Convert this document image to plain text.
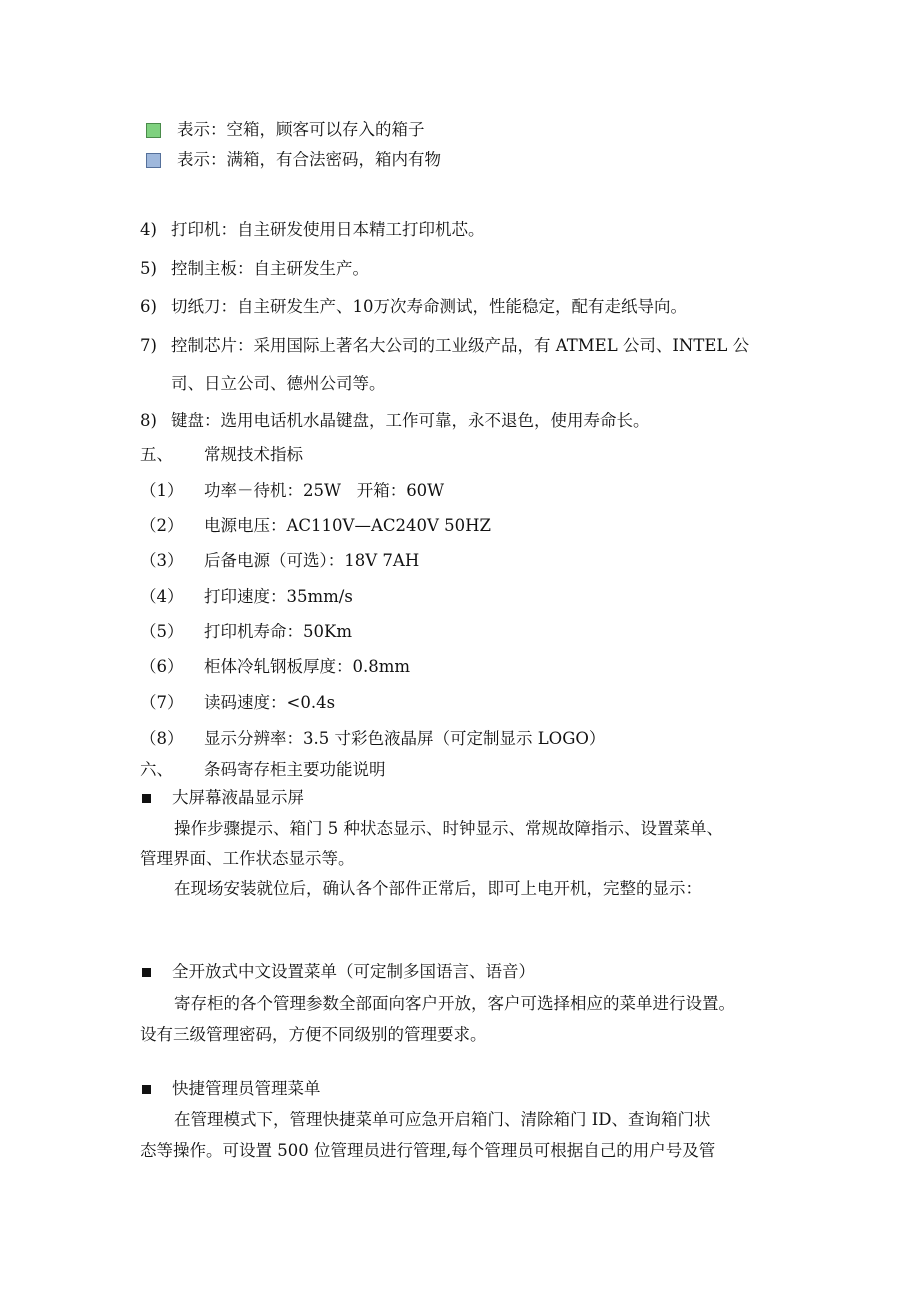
表示：空箱，顾客可以存入的箱子
表示：满箱，有合法密码，箱内有物
4) 打印机：自主研发使用日本精工打印机芯。
5) 控制主板：自主研发生产。
6) 切纸刀：自主研发生产、10万次寿命测试，性能稳定，配有走纸导向。
7) 控制芯片：采用国际上著名大公司的工业级产品，有 ATMEL 公司、INTEL 公
司、日立公司、德州公司等。
8) 键盘：选用电话机水晶键盘，工作可靠，永不退色，使用寿命长。
五、 常规技术指标
（1） 功率－待机：25W   开箱：60W
（2） 电源电压：AC110V—AC240V 50HZ
（3） 后备电源（可选）：18V 7AH
（4） 打印速度：35mm/s
（5） 打印机寿命：50Km
（6） 柜体冷轧钢板厚度：0.8mm
（7） 读码速度：<0.4s
（8） 显示分辨率：3.5 寸彩色液晶屏（可定制显示 LOGO）
六、 条码寄存柜主要功能说明
大屏幕液晶显示屏
操作步骤提示、箱门 5 种状态显示、时钟显示、常规故障指示、设置菜单、
管理界面、工作状态显示等。
在现场安装就位后，确认各个部件正常后，即可上电开机，完整的显示：
全开放式中文设置菜单（可定制多国语言、语音）
寄存柜的各个管理参数全部面向客户开放，客户可选择相应的菜单进行设置。
设有三级管理密码，方便不同级别的管理要求。
快捷管理员管理菜单
在管理模式下，管理快捷菜单可应急开启箱门、清除箱门 ID、查询箱门状
态等操作。可设置 500 位管理员进行管理,每个管理员可根据自己的用户号及管
